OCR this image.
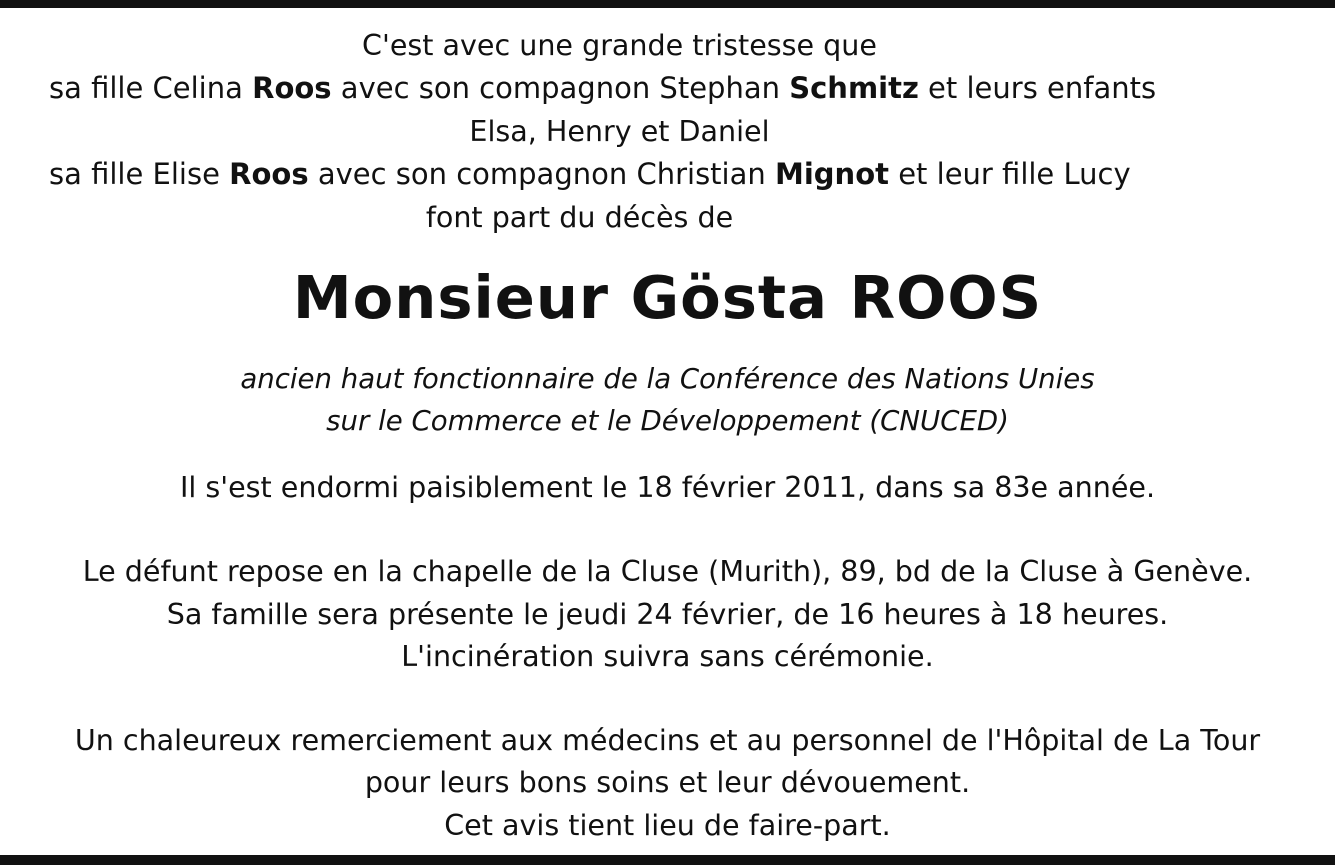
C'est avec une grande tristesse que
sa fille Celina Roos avec son compagnon Stephan Schmitz et leurs enfants
Elsa, Henry et Daniel
sa fille Elise Roos avec son compagnon Christian Mignot et leur fille Lucy
font part du décès de
Monsieur Gösta ROOS
ancien haut fonctionnaire de la Conférence des Nations Unies
sur le Commerce et le Développement (CNUCED)
Il s'est endormi paisiblement le 18 février 2011, dans sa 83e année.
Le défunt repose en la chapelle de la Cluse (Murith), 89, bd de la Cluse à Genève.
Sa famille sera présente le jeudi 24 février, de 16 heures à 18 heures.
L'incinération suivra sans cérémonie.
Un chaleureux remerciement aux médecins et au personnel de l'Hôpital de La Tour
pour leurs bons soins et leur dévouement.
Cet avis tient lieu de faire-part.
